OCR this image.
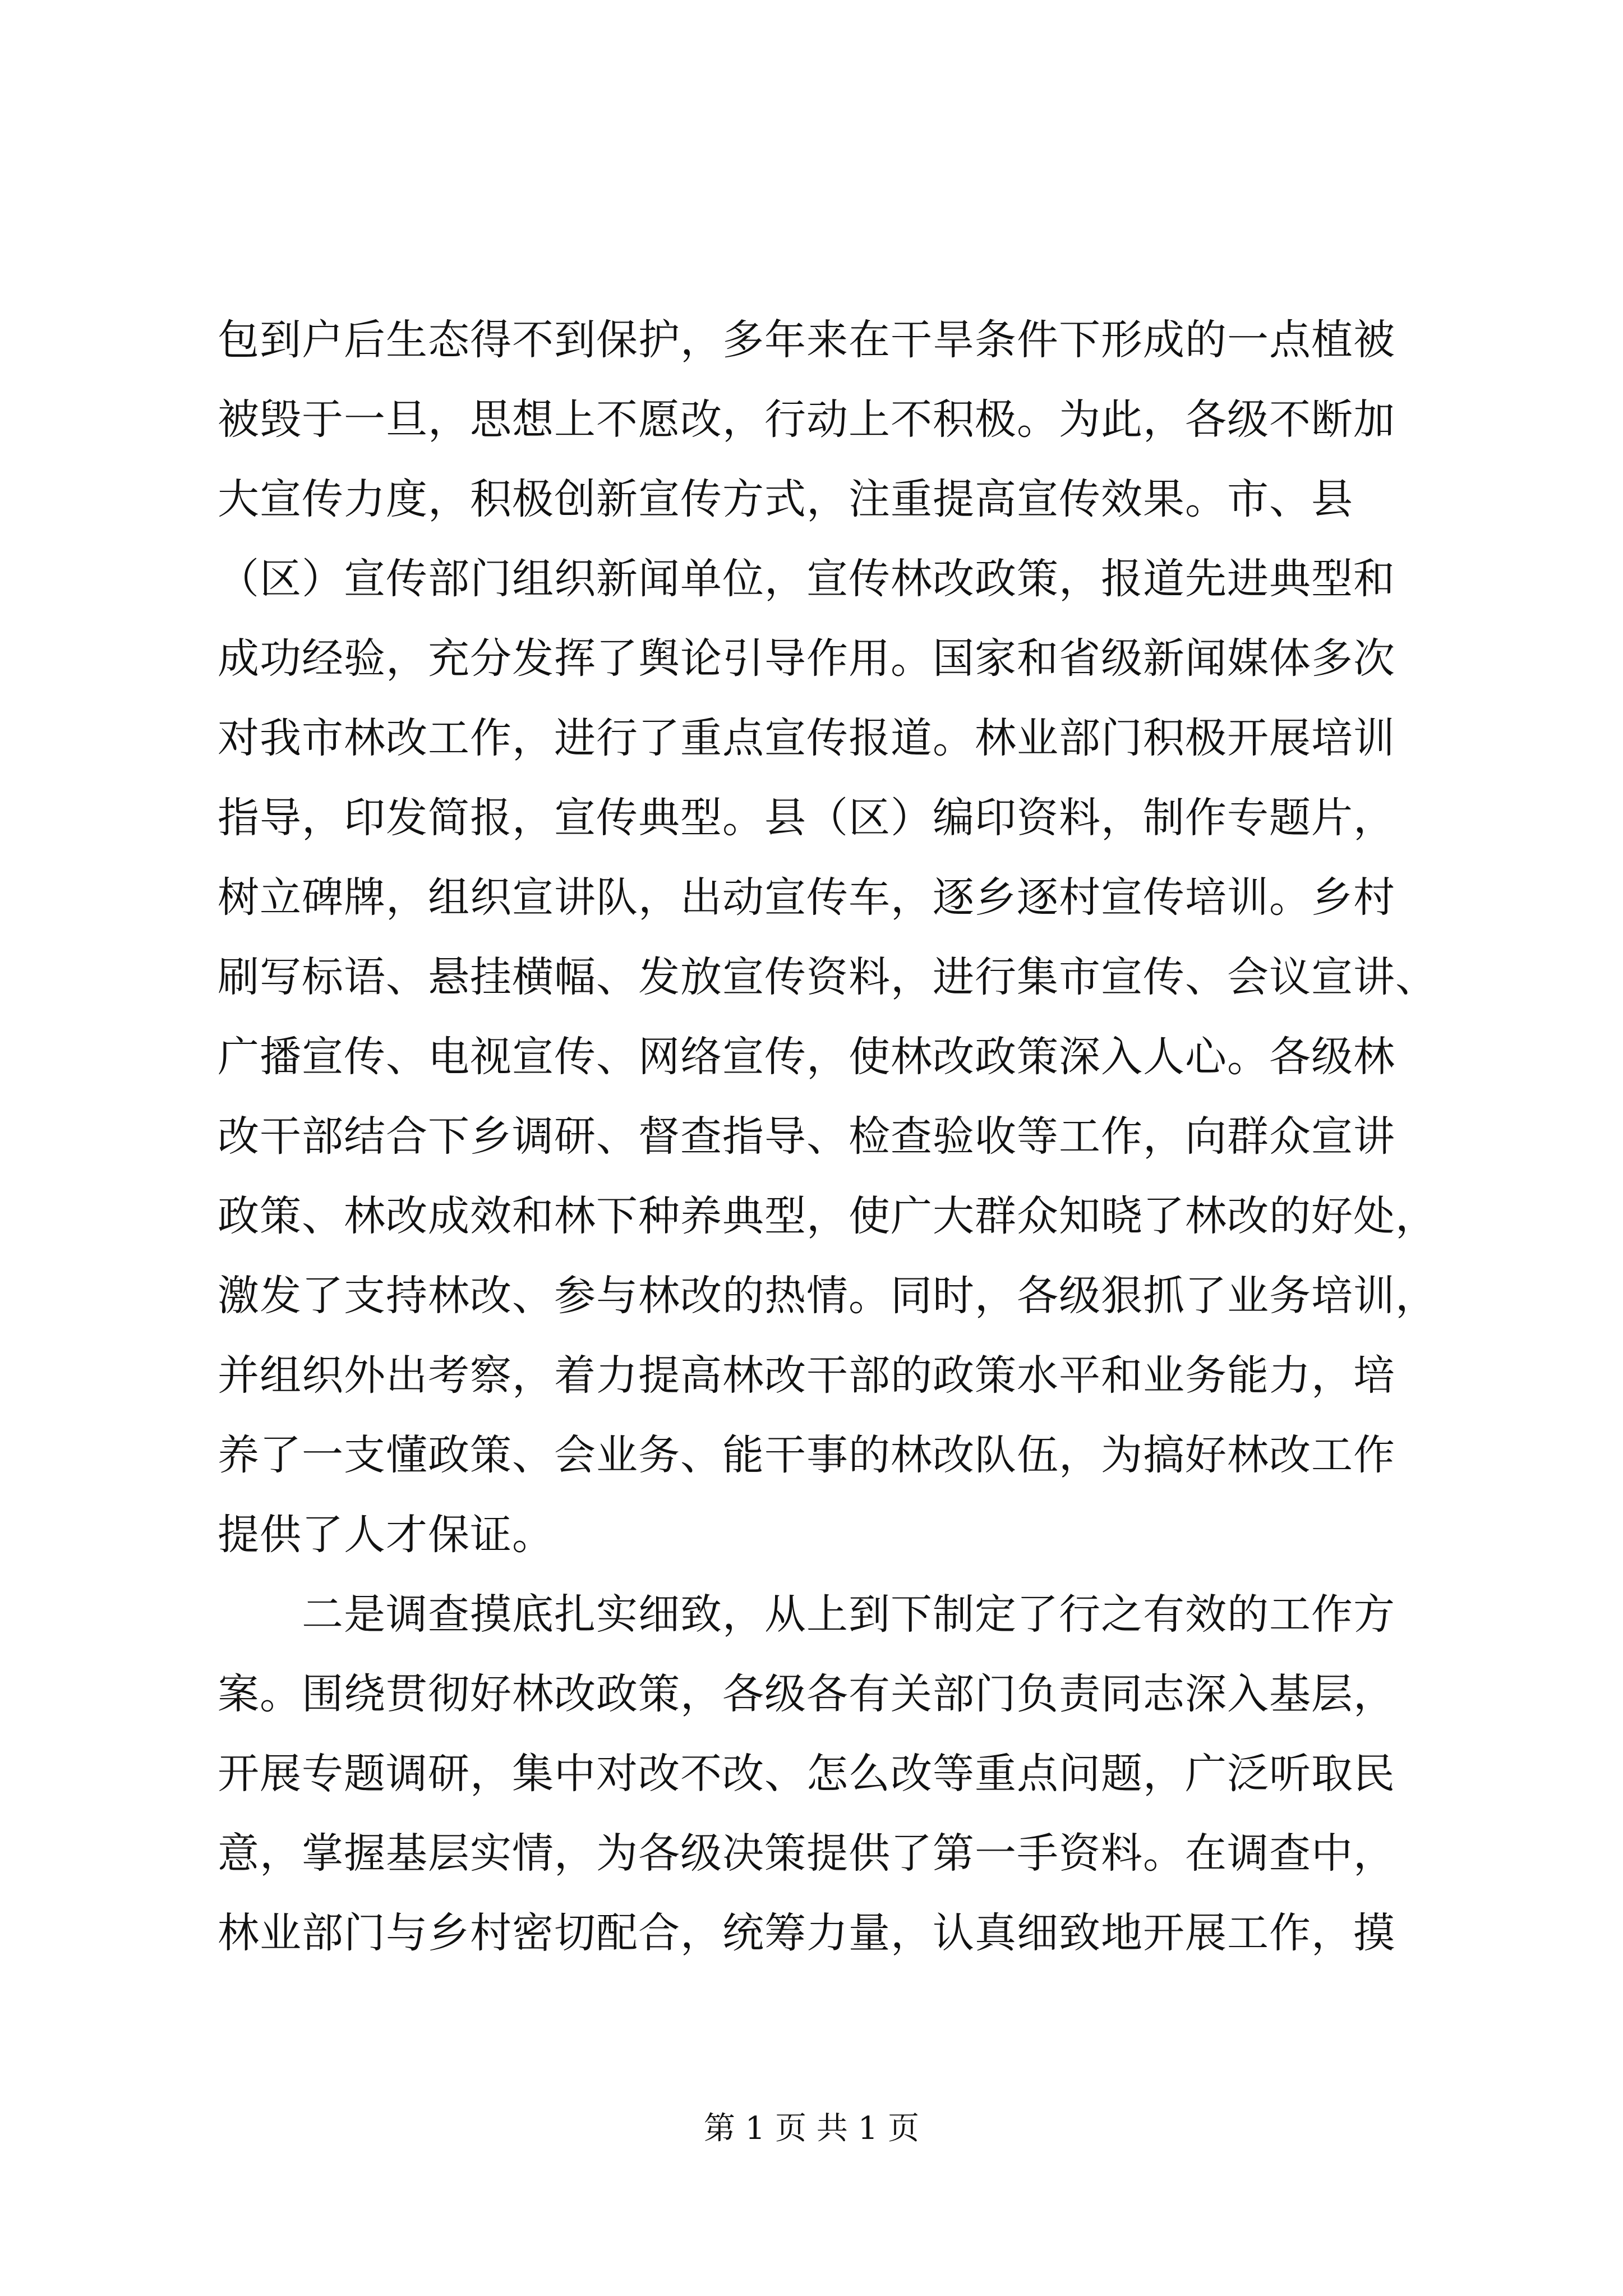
包到户后生态得不到保护，多年来在干旱条件下形成的一点植被
被毁于一旦，思想上不愿改，行动上不积极。为此，各级不断加
大宣传力度，积极创新宣传方式，注重提高宣传效果。市、县
（区）宣传部门组织新闻单位，宣传林改政策，报道先进典型和
成功经验，充分发挥了舆论引导作用。国家和省级新闻媒体多次
对我市林改工作，进行了重点宣传报道。林业部门积极开展培训
指导，印发简报，宣传典型。县（区）编印资料，制作专题片，
树立碑牌，组织宣讲队，出动宣传车，逐乡逐村宣传培训。乡村
刷写标语、悬挂横幅、发放宣传资料，进行集市宣传、会议宣讲、
广播宣传、电视宣传、网络宣传，使林改政策深入人心。各级林
改干部结合下乡调研、督查指导、检查验收等工作，向群众宣讲
政策、林改成效和林下种养典型，使广大群众知晓了林改的好处，
激发了支持林改、参与林改的热情。同时，各级狠抓了业务培训，
并组织外出考察，着力提高林改干部的政策水平和业务能力，培
养了一支懂政策、会业务、能干事的林改队伍，为搞好林改工作
提供了人才保证。
二是调查摸底扎实细致，从上到下制定了行之有效的工作方
案。围绕贯彻好林改政策，各级各有关部门负责同志深入基层，
开展专题调研，集中对改不改、怎么改等重点问题，广泛听取民
意，掌握基层实情，为各级决策提供了第一手资料。在调查中，
林业部门与乡村密切配合，统筹力量，认真细致地开展工作，摸
第 1 页 共 1 页
